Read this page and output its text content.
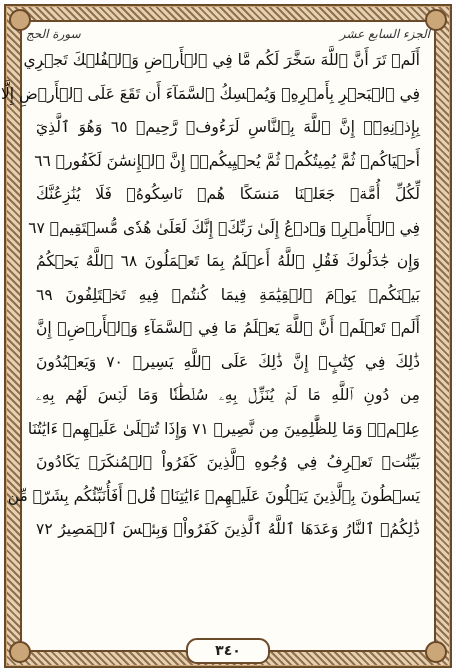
الجزء السابع عشر
سورة الحج
أَلَمۡ تَرَ أَنَّ ٱللَّهَ سَخَّرَ لَكُم مَّا فِي ٱلۡأَرۡضِ وَٱلۡفُلۡكَ تَجۡرِي
فِي ٱلۡبَحۡرِ بِأَمۡرِهِۦ وَيُمۡسِكُ ٱلسَّمَآءَ أَن تَقَعَ عَلَى ٱلۡأَرۡضِ إِلَّا
بِإِذۡنِهِۦٓۚ إِنَّ ٱللَّهَ بِٱلنَّاسِ لَرَءُوفٞ رَّحِيمٞ ٦٥ وَهُوَ ٱلَّذِيٓ
أَحۡيَاكُمۡ ثُمَّ يُمِيتُكُمۡ ثُمَّ يُحۡيِيكُمۡۗ إِنَّ ٱلۡإِنسَٰنَ لَكَفُورٞ ٦٦
لِّكُلِّ أُمَّةٖ جَعَلۡنَا مَنسَكًا هُمۡ نَاسِكُوهُۖ فَلَا يُنَٰزِعُنَّكَ
فِي ٱلۡأَمۡرِۚ وَٱدۡعُ إِلَىٰ رَبِّكَۖ إِنَّكَ لَعَلَىٰ هُدٗى مُّسۡتَقِيمٖ ٦٧
وَإِن جَٰدَلُوكَ فَقُلِ ٱللَّهُ أَعۡلَمُ بِمَا تَعۡمَلُونَ ٦٨ ٱللَّهُ يَحۡكُمُ
بَيۡنَكُمۡ يَوۡمَ ٱلۡقِيَٰمَةِ فِيمَا كُنتُمۡ فِيهِ تَخۡتَلِفُونَ ٦٩
أَلَمۡ تَعۡلَمۡ أَنَّ ٱللَّهَ يَعۡلَمُ مَا فِي ٱلسَّمَآءِ وَٱلۡأَرۡضِۚ إِنَّ
ذَٰلِكَ فِي كِتَٰبٍۚ إِنَّ ذَٰلِكَ عَلَى ٱللَّهِ يَسِيرٞ ٧٠ وَيَعۡبُدُونَ
مِن دُونِ ٱللَّهِ مَا لَمۡ يُنَزِّلۡ بِهِۦ سُلۡطَٰنٗا وَمَا لَيۡسَ لَهُم بِهِۦ
عِلۡمٞۗ وَمَا لِلظَّٰلِمِينَ مِن نَّصِيرٖ ٧١ وَإِذَا تُتۡلَىٰ عَلَيۡهِمۡ ءَايَٰتُنَا
بَيِّنَٰتٖ تَعۡرِفُ فِي وُجُوهِ ٱلَّذِينَ كَفَرُواْ ٱلۡمُنكَرَۖ يَكَادُونَ
يَسۡطُونَ بِٱلَّذِينَ يَتۡلُونَ عَلَيۡهِمۡ ءَايَٰتِنَاۗ قُلۡ أَفَأُنَبِّئُكُم بِشَرّٖ مِّن
ذَٰلِكُمُۚ ٱلنَّارُ وَعَدَهَا ٱللَّهُ ٱلَّذِينَ كَفَرُواْۖ وَبِئۡسَ ٱلۡمَصِيرُ ٧٢
٣٤٠
